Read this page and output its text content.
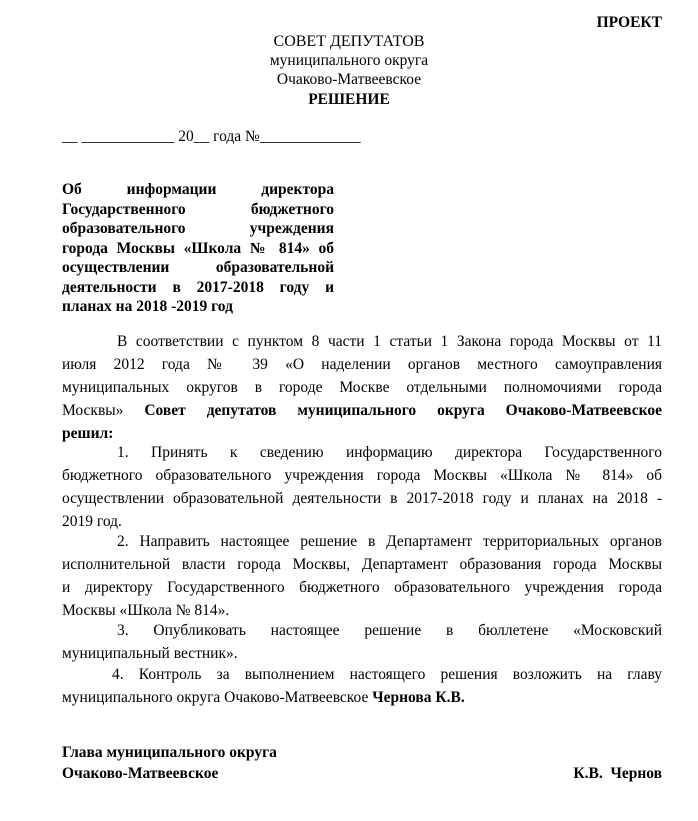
ПРОЕКТ
СОВЕТ ДЕПУТАТОВ
муниципального округа
Очаково-Матвеевское
РЕШЕНИЕ
__ ____________ 20__ года №_____________
Об информации директора
Государственного бюджетного
образовательного учреждения
города Москвы «Школа № 814» об
осуществлении образовательной
деятельности в 2017-2018 году и
планах на 2018 -2019 год
В соответствии с пунктом 8 части 1 статьи 1 Закона города Москвы от 11
июля 2012 года № 39 «О наделении органов местного самоуправления
муниципальных округов в городе Москве отдельными полномочиями города
Москвы» Совет депутатов муниципального округа Очаково-Матвеевское
решил:
1. Принять к сведению информацию директора Государственного
бюджетного образовательного учреждения города Москвы «Школа № 814» об
осуществлении образовательной деятельности в 2017-2018 году и планах на 2018 -
2019 год.
2. Направить настоящее решение в Департамент территориальных органов
исполнительной власти города Москвы, Департамент образования города Москвы
и директору Государственного бюджетного образовательного учреждения города
Москвы «Школа № 814».
3. Опубликовать настоящее решение в бюллетене «Московский
муниципальный вестник».
4. Контроль за выполнением настоящего решения возложить на главу
муниципального округа Очаково-Матвеевское Чернова К.В.
Глава муниципального округа
Очаково-Матвеевское	К.В.  Чернов
